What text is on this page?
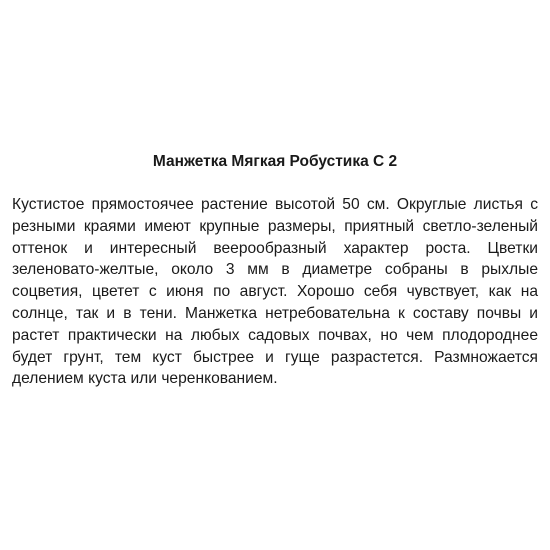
Манжетка Мягкая Робустика С 2

Кустистое прямостоячее растение высотой 50 см. Округлые листья с резными краями имеют крупные размеры, приятный светло-зеленый оттенок и интересный веерообразный характер роста. Цветки зеленовато-желтые, около 3 мм в диаметре собраны в рыхлые соцветия, цветет с июня по август. Хорошо себя чувствует, как на солнце, так и в тени. Манжетка нетребовательна к составу почвы и растет практически на любых садовых почвах, но чем плодороднее будет грунт, тем куст быстрее и гуще разрастется. Размножается делением куста или черенкованием.
